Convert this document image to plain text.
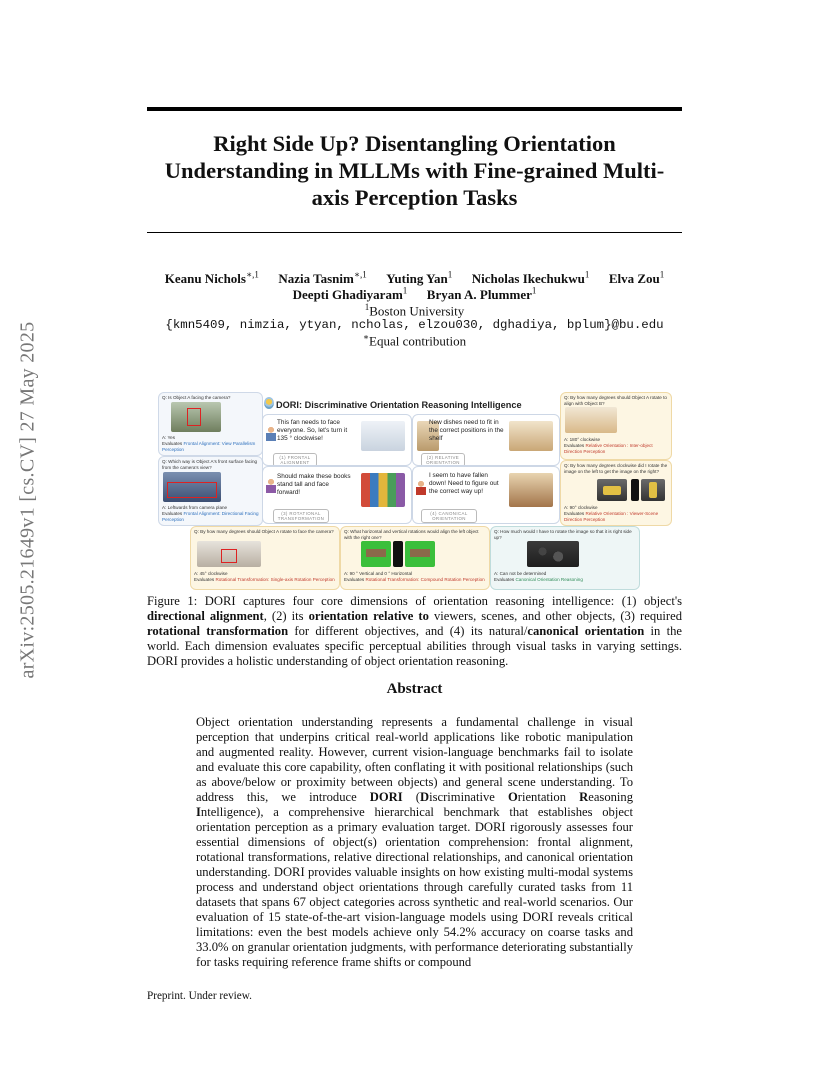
arXiv:2505.21649v1 [cs.CV] 27 May 2025
Right Side Up? Disentangling Orientation Understanding in MLLMs with Fine-grained Multi-axis Perception Tasks
Keanu Nichols$^{∗,1}$ Nazia Tasnim$^{∗,1}$ Yuting Yan$^1$ Nicholas Ikechukwu$^1$ Elva Zou$^1$
Deepti Ghadiyaram$^1$ Bryan A. Plummer$^1$
$^1$Boston University
{kmn5409, nimzia, ytyan, ncholas, elzou030, dghadiya, bplum}@bu.edu
∗Equal contribution
Q: Is Object A facing the camera?
A: Yes
Evaluates Frontal Alignment: View Parallelism Perception
Q: Which way is Object A's front surface facing from the camera's view?
A: Leftwards from camera plane
Evaluates Frontal Alignment: Directional Facing Perception
DORI: Discriminative Orientation Reasoning Intelligence
This fan needs to face everyone. So, let's turn it 135 ° clockwise!
(1) FRONTAL ALIGNMENT
New dishes need to fit in the correct positions in the shelf
(2) RELATIVE ORIENTATION
Should make these books stand tall and face forward!
(3) ROTATIONAL TRANSFORMATION
I seem to have fallen down! Need to figure out the correct way up!
(4) CANONICAL ORIENTATION
Q: By how many degrees should Object A rotate to align with Object B?
A: 180° clockwise
Evaluates Relative Orientation : Inter-object Direction Perception
Q: By how many degrees clockwise did I rotate the image on the left to get the image on the right?
A: 90° clockwise
Evaluates Relative Orientation : Viewer-Scene Direction Perception
Q: By how many degrees should Object A rotate to face the camera?
A: 45° clockwise
Evaluates Rotational Transformation: Single-axis Rotation Perception
Q: What horizontal and vertical rotations would align the left object with the right one?
A: 90 ° Vertical and 0 ° Horizontal
Evaluates Rotational Transformation: Compound Rotation Perception
Q: How much would I have to rotate the image so that it is right side up?
A: Can not be determined
Evaluates Canonical Orientation Reasoning
Figure 1: DORI captures four core dimensions of orientation reasoning intelligence: (1) object's directional alignment, (2) its orientation relative to viewers, scenes, and other objects, (3) required rotational transformation for different objectives, and (4) its natural/canonical orientation in the world. Each dimension evaluates specific perceptual abilities through visual tasks in varying settings. DORI provides a holistic understanding of object orientation reasoning.
Abstract
Object orientation understanding represents a fundamental challenge in visual perception that underpins critical real-world applications like robotic manipulation and augmented reality. However, current vision-language benchmarks fail to isolate and evaluate this core capability, often conflating it with positional relationships (such as above/below or proximity between objects) and general scene understanding. To address this, we introduce DORI (Discriminative Orientation Reasoning Intelligence), a comprehensive hierarchical benchmark that establishes object orientation perception as a primary evaluation target. DORI rigorously assesses four essential dimensions of object(s) orientation comprehension: frontal alignment, rotational transformations, relative directional relationships, and canonical orientation understanding. DORI provides valuable insights on how existing multi-modal systems process and understand object orientations through carefully curated tasks from 11 datasets that spans 67 object categories across synthetic and real-world scenarios. Our evaluation of 15 state-of-the-art vision-language models using DORI reveals critical limitations: even the best models achieve only 54.2% accuracy on coarse tasks and 33.0% on granular orientation judgments, with performance deteriorating substantially for tasks requiring reference frame shifts or compound
Preprint. Under review.
